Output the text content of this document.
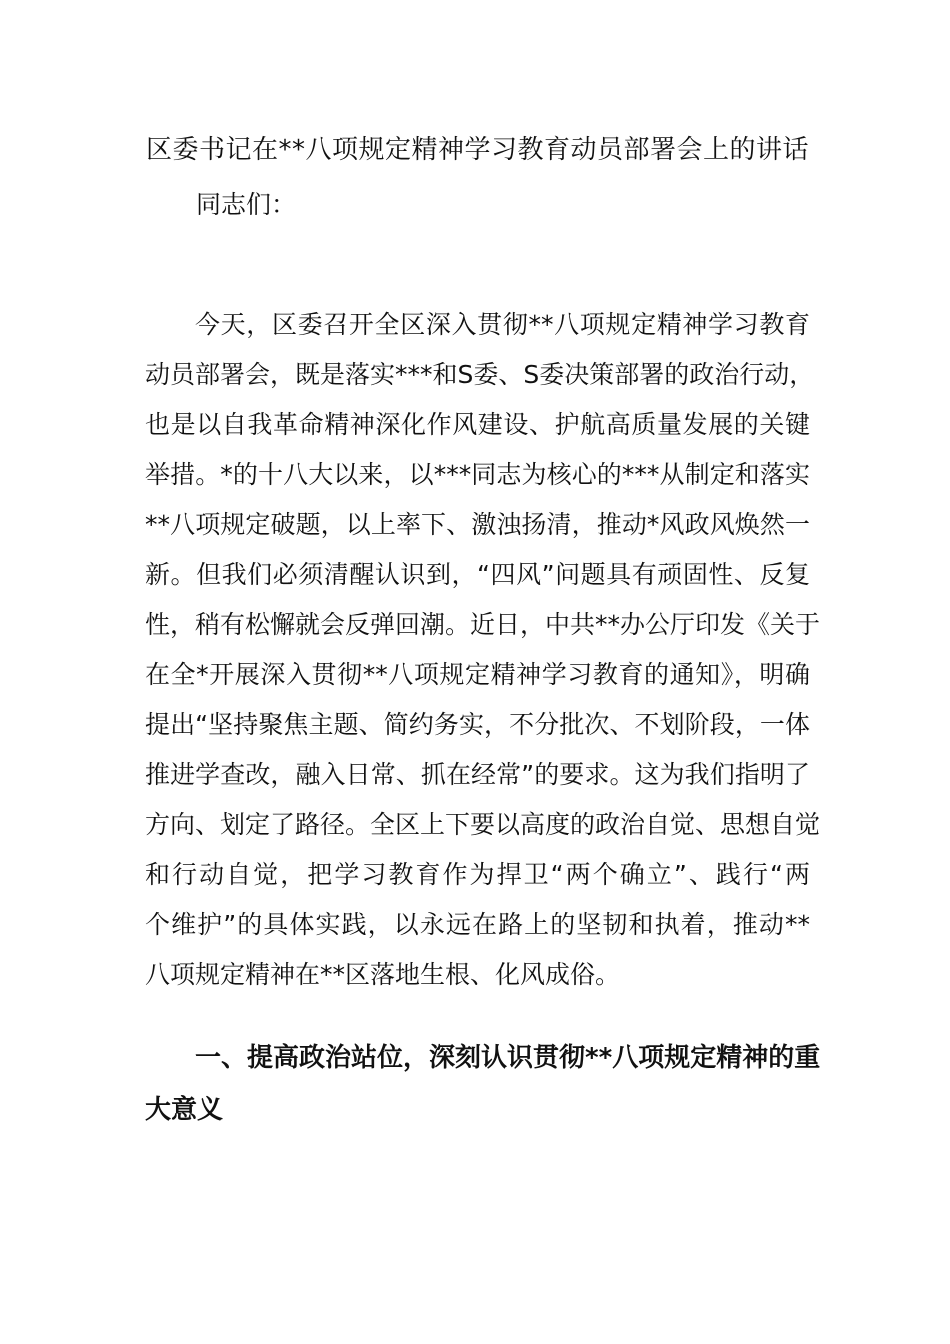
区委书记在**八项规定精神学习教育动员部署会上的讲话
同志们：
今天，区委召开全区深入贯彻**八项规定精神学习教育
动员部署会，既是落实***和S委、S委决策部署的政治行动，
也是以自我革命精神深化作风建设、护航高质量发展的关键
举措。*的十八大以来，以***同志为核心的***从制定和落实
**八项规定破题，以上率下、激浊扬清，推动*风政风焕然一
新。但我们必须清醒认识到，“四风”问题具有顽固性、反复
性，稍有松懈就会反弹回潮。近日，中共**办公厅印发《关于
在全*开展深入贯彻**八项规定精神学习教育的通知》，明确
提出“坚持聚焦主题、简约务实，不分批次、不划阶段，一体
推进学查改，融入日常、抓在经常”的要求。这为我们指明了
方向、划定了路径。全区上下要以高度的政治自觉、思想自觉
和行动自觉，把学习教育作为捍卫“两个确立”、践行“两
个维护”的具体实践，以永远在路上的坚韧和执着，推动**
八项规定精神在**区落地生根、化风成俗。
一、提高政治站位，深刻认识贯彻**八项规定精神的重
大意义
